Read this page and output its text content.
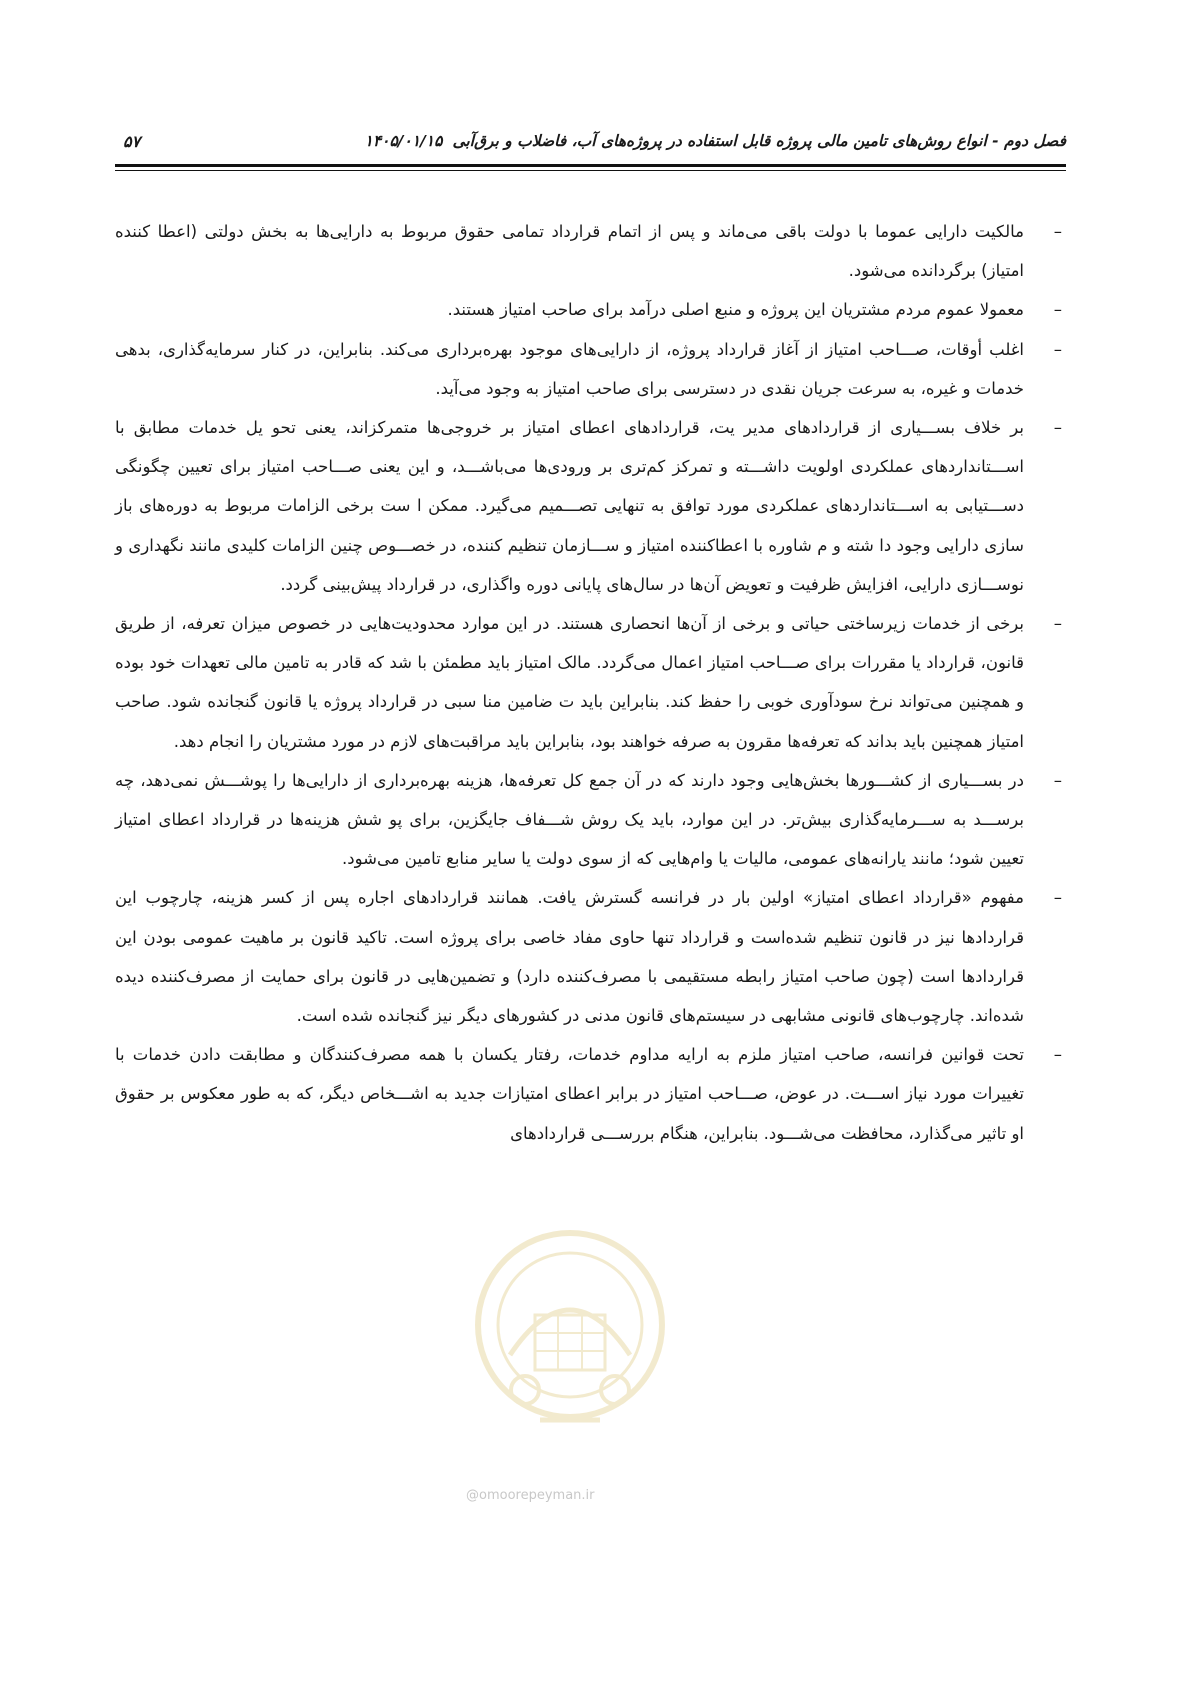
فصل دوم - انواع روش‌های تامین مالی پروژه قابل استفاده در پروژه‌های آب، فاضلاب و برق‌آبی۱۴۰۵/۰۱/۱۵
۵۷
–
مالکیت دارایی عموما با دولت باقی می‌ماند و پس از اتمام قرارداد تمامی حقوق مربوط به دارایی‌ها به بخش دولتی (اعطا کننده امتیاز) برگردانده می‌شود.
–
معمولا عموم مردم مشتریان این پروژه و منبع اصلی درآمد برای صاحب امتیاز هستند.
–
اغلب أوقات، صـــاحب امتیاز از آغاز قرارداد پروژه، از دارایی‌های موجود بهره‌برداری می‌کند. بنابراین، در کنار سرمایه‌گذاری، بدهی خدمات و غیره، به سرعت جریان نقدی در دسترسی برای صاحب امتیاز به وجود می‌آید.
–
بر خلاف بســـیاری از قراردادهای مدیر یت، قراردادهای اعطای امتیاز بر خروجی‌ها متمرکزاند، یعنی تحو یل خدمات مطابق با اســـتانداردهای عملکردی اولویت داشـــته و تمرکز کم‌تری بر ورودی‌ها می‌باشـــد، و این یعنی صـــاحب امتیاز برای تعیین چگونگی دســـتیابی به اســـتانداردهای عملکردی مورد توافق به تنهایی تصـــمیم می‌گیرد. ممکن ا ست برخی الزامات مربوط به دوره‌های باز سازی دارایی وجود دا شته و م شاوره با اعطاکننده امتیاز و ســـازمان تنظیم کننده، در خصـــوص چنین الزامات کلیدی مانند نگهداری و نوســـازی دارایی، افزایش ظرفیت و تعویض آن‌ها در سال‌های پایانی دوره واگذاری، در قرارداد پیش‌بینی گردد.
–
برخی از خدمات زیرساختی حیاتی و برخی از آن‌ها انحصاری هستند. در این موارد محدودیت‌هایی در خصوص میزان تعرفه، از طریق قانون، قرارداد یا مقررات برای صـــاحب امتیاز اعمال می‌گردد. مالک امتیاز باید مطمئن با شد که قادر به تامین مالی تعهدات خود بوده و همچنین می‌تواند نرخ سودآوری خوبی را حفظ کند. بنابراین باید ت ضامین منا سبی در قرارداد پروژه یا قانون گنجانده شود. صاحب امتیاز همچنین باید بداند که تعرفه‌ها مقرون به صرفه خواهند بود، بنابراین باید مراقبت‌های لازم در مورد مشتریان را انجام دهد.
–
در بســـیاری از کشـــورها بخش‌هایی وجود دارند که در آن جمع کل تعرفه‌ها، هزینه بهره‌برداری از دارایی‌ها را پوشـــش نمی‌دهد، چه برســـد به ســـرمایه‌گذاری بیش‌تر. در این موارد، باید یک روش شـــفاف جایگزین، برای پو شش هزینه‌ها در قرارداد اعطای امتیاز تعیین شود؛ مانند یارانه‌های عمومی، مالیات یا وام‌هایی که از سوی دولت یا سایر منابع تامین می‌شود.
–
مفهوم «قرارداد اعطای امتیاز» اولین بار در فرانسه گسترش یافت. همانند قراردادهای اجاره پس از کسر هزینه، چارچوب این قراردادها نیز در قانون تنظیم شده‌است و قرارداد تنها حاوی مفاد خاصی برای پروژه است. تاکید قانون بر ماهیت عمومی بودن این قراردادها است (چون صاحب امتیاز رابطه مستقیمی با مصرف‌کننده دارد) و تضمین‌هایی در قانون برای حمایت از مصرف‌کننده دیده شده‌اند. چارچوب‌های قانونی مشابهی در سیستم‌های قانون مدنی در کشورهای دیگر نیز گنجانده شده است.
–
تحت قوانین فرانسه، صاحب امتیاز ملزم به ارایه مداوم خدمات، رفتار یکسان با همه مصرف‌کنندگان و مطابقت دادن خدمات با تغییرات مورد نیاز اســـت. در عوض، صـــاحب امتیاز در برابر اعطای امتیازات جدید به اشـــخاص دیگر، که به طور معکوس بر حقوق او تاثیر می‌گذارد، محافظت می‌شـــود. بنابراین، هنگام بررســـی قراردادهای
@omoorepeyman.ir
